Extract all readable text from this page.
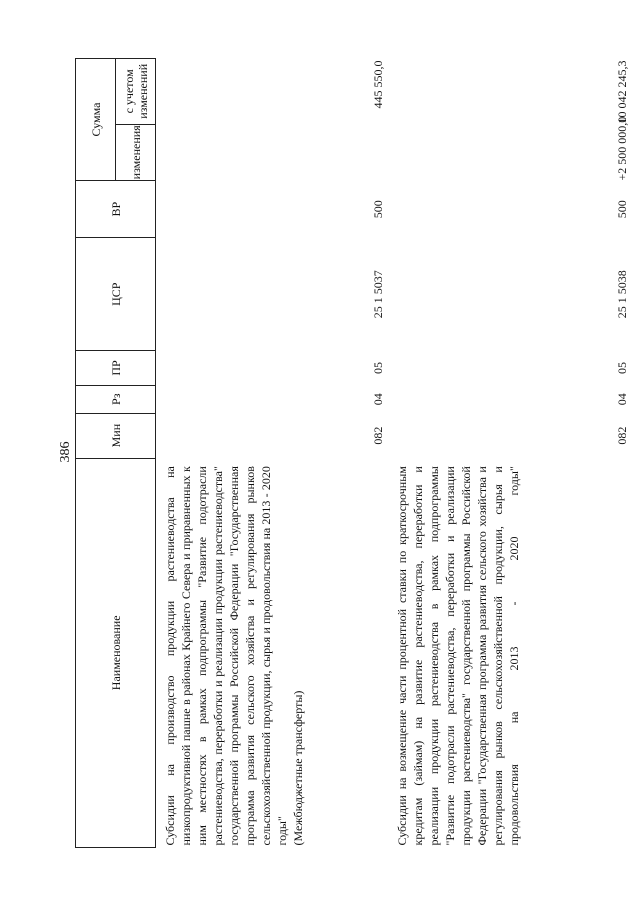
386
Наименование	Мин	Рз	ПР	ЦСР	ВР	Сумма	
						изменения	с учетом изменений

Субсидии на производство продукции растениеводства на низкопродуктивной пашне в районах Крайнего Севера и приравненных к ним местностях в рамках подпрограммы "Развитие подотрасли растениеводства, переработки и реализации продукции растениеводства" государственной программы Российской Федерации "Государственная программа развития сельского хозяйства и регулирования рынков сельскохозяйственной продукции, сырья и продовольствия на 2013 - 2020 годы" (Межбюджетные трансферты)	082	04	05	25 1 5037	500		445 550,0

Субсидии на возмещение части процентной ставки по краткосрочным кредитам (займам) на развитие растениеводства, переработки и реализации продукции растениеводства в рамках подпрограммы "Развитие подотрасли растениеводства, переработки и реализации продукции растениеводства" государственной программы Российской Федерации "Государственная программа развития сельского хозяйства и регулирования рынков сельскохозяйственной продукции, сырья и продовольствия на 2013 - 2020 годы"	082	04	05	25 1 5038	500	+2 500 000,0	10 042 245,3
